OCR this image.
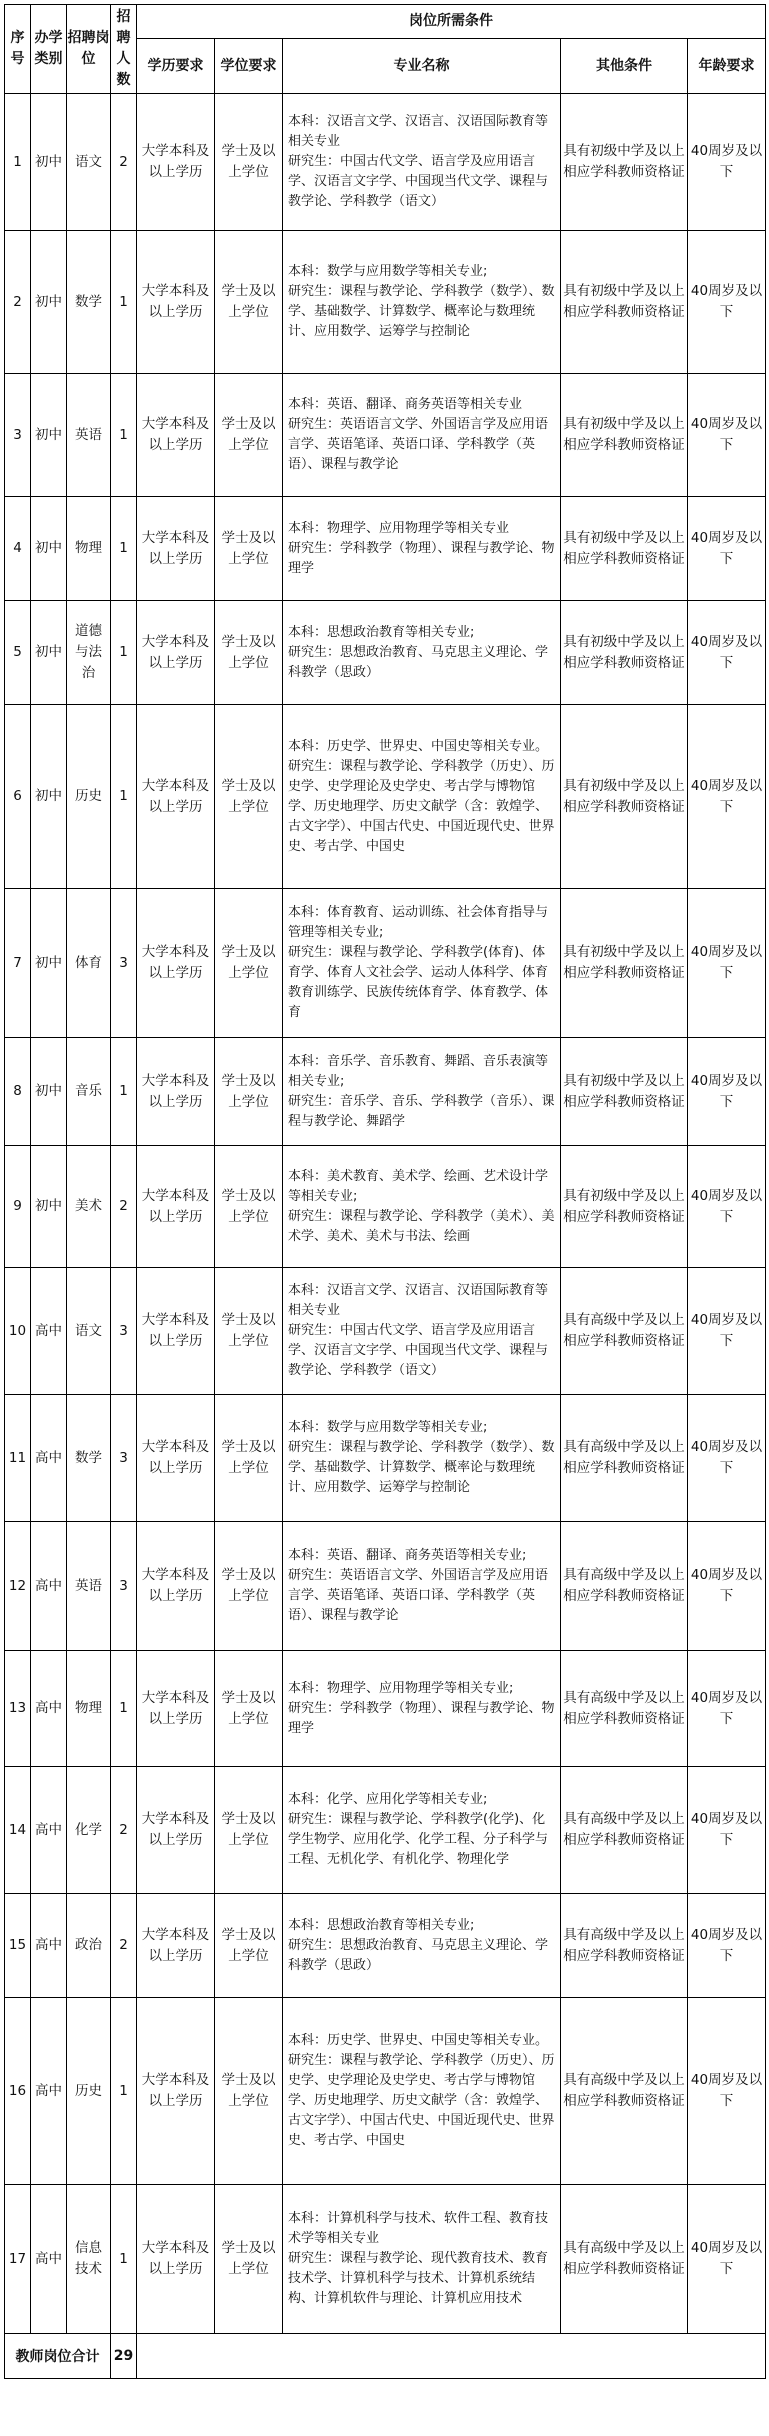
序号	办学类别	招聘岗位	招聘人数	岗位所需条件				
				学历要求	学位要求	专业名称	其他条件	年龄要求
1	初中	语文	2	大学本科及以上学历	学士及以上学位	本科：汉语言文学、汉语言、汉语国际教育等相关专业
研究生：中国古代文学、语言学及应用语言学、汉语言文字学、中国现当代文学、课程与教学论、学科教学（语文）	具有初级中学及以上相应学科教师资格证	40周岁及以下
2	初中	数学	1	大学本科及以上学历	学士及以上学位	本科：数学与应用数学等相关专业;
研究生：课程与教学论、学科教学（数学）、数学、基础数学、计算数学、概率论与数理统计、应用数学、运筹学与控制论	具有初级中学及以上相应学科教师资格证	40周岁及以下
3	初中	英语	1	大学本科及以上学历	学士及以上学位	本科：英语、翻译、商务英语等相关专业
研究生：英语语言文学、外国语言学及应用语言学、英语笔译、英语口译、学科教学（英语）、课程与教学论	具有初级中学及以上相应学科教师资格证	40周岁及以下
4	初中	物理	1	大学本科及以上学历	学士及以上学位	本科：物理学、应用物理学等相关专业
研究生：学科教学（物理）、课程与教学论、物理学	具有初级中学及以上相应学科教师资格证	40周岁及以下
5	初中	道德与法治	1	大学本科及以上学历	学士及以上学位	本科：思想政治教育等相关专业;
研究生：思想政治教育、马克思主义理论、学科教学（思政）	具有初级中学及以上相应学科教师资格证	40周岁及以下
6	初中	历史	1	大学本科及以上学历	学士及以上学位	本科：历史学、世界史、中国史等相关专业。
研究生：课程与教学论、学科教学（历史）、历史学、史学理论及史学史、考古学与博物馆学、历史地理学、历史文献学（含：敦煌学、古文字学）、中国古代史、中国近现代史、世界史、考古学、中国史	具有初级中学及以上相应学科教师资格证	40周岁及以下
7	初中	体育	3	大学本科及以上学历	学士及以上学位	本科：体育教育、运动训练、社会体育指导与管理等相关专业;
研究生：课程与教学论、学科教学(体育)、体育学、体育人文社会学、运动人体科学、体育教育训练学、民族传统体育学、体育教学、体育	具有初级中学及以上相应学科教师资格证	40周岁及以下
8	初中	音乐	1	大学本科及以上学历	学士及以上学位	本科：音乐学、音乐教育、舞蹈、音乐表演等相关专业;
研究生：音乐学、音乐、学科教学（音乐）、课程与教学论、舞蹈学	具有初级中学及以上相应学科教师资格证	40周岁及以下
9	初中	美术	2	大学本科及以上学历	学士及以上学位	本科：美术教育、美术学、绘画、艺术设计学等相关专业;
研究生：课程与教学论、学科教学（美术）、美术学、美术、美术与书法、绘画	具有初级中学及以上相应学科教师资格证	40周岁及以下
10	高中	语文	3	大学本科及以上学历	学士及以上学位	本科：汉语言文学、汉语言、汉语国际教育等相关专业
研究生：中国古代文学、语言学及应用语言学、汉语言文字学、中国现当代文学、课程与教学论、学科教学（语文）	具有高级中学及以上相应学科教师资格证	40周岁及以下
11	高中	数学	3	大学本科及以上学历	学士及以上学位	本科：数学与应用数学等相关专业;
研究生：课程与教学论、学科教学（数学）、数学、基础数学、计算数学、概率论与数理统计、应用数学、运筹学与控制论	具有高级中学及以上相应学科教师资格证	40周岁及以下
12	高中	英语	3	大学本科及以上学历	学士及以上学位	本科：英语、翻译、商务英语等相关专业;
研究生：英语语言文学、外国语言学及应用语言学、英语笔译、英语口译、学科教学（英语）、课程与教学论	具有高级中学及以上相应学科教师资格证	40周岁及以下
13	高中	物理	1	大学本科及以上学历	学士及以上学位	本科：物理学、应用物理学等相关专业;
研究生：学科教学（物理）、课程与教学论、物理学	具有高级中学及以上相应学科教师资格证	40周岁及以下
14	高中	化学	2	大学本科及以上学历	学士及以上学位	本科：化学、应用化学等相关专业;
研究生：课程与教学论、学科教学(化学)、化学生物学、应用化学、化学工程、分子科学与工程、无机化学、有机化学、物理化学	具有高级中学及以上相应学科教师资格证	40周岁及以下
15	高中	政治	2	大学本科及以上学历	学士及以上学位	本科：思想政治教育等相关专业;
研究生：思想政治教育、马克思主义理论、学科教学（思政）	具有高级中学及以上相应学科教师资格证	40周岁及以下
16	高中	历史	1	大学本科及以上学历	学士及以上学位	本科：历史学、世界史、中国史等相关专业。
研究生：课程与教学论、学科教学（历史）、历史学、史学理论及史学史、考古学与博物馆学、历史地理学、历史文献学（含：敦煌学、古文字学）、中国古代史、中国近现代史、世界史、考古学、中国史	具有高级中学及以上相应学科教师资格证	40周岁及以下
17	高中	信息技术	1	大学本科及以上学历	学士及以上学位	本科：计算机科学与技术、软件工程、教育技术学等相关专业
研究生：课程与教学论、现代教育技术、教育技术学、计算机科学与技术、计算机系统结构、计算机软件与理论、计算机应用技术	具有高级中学及以上相应学科教师资格证	40周岁及以下
教师岗位合计			29					
